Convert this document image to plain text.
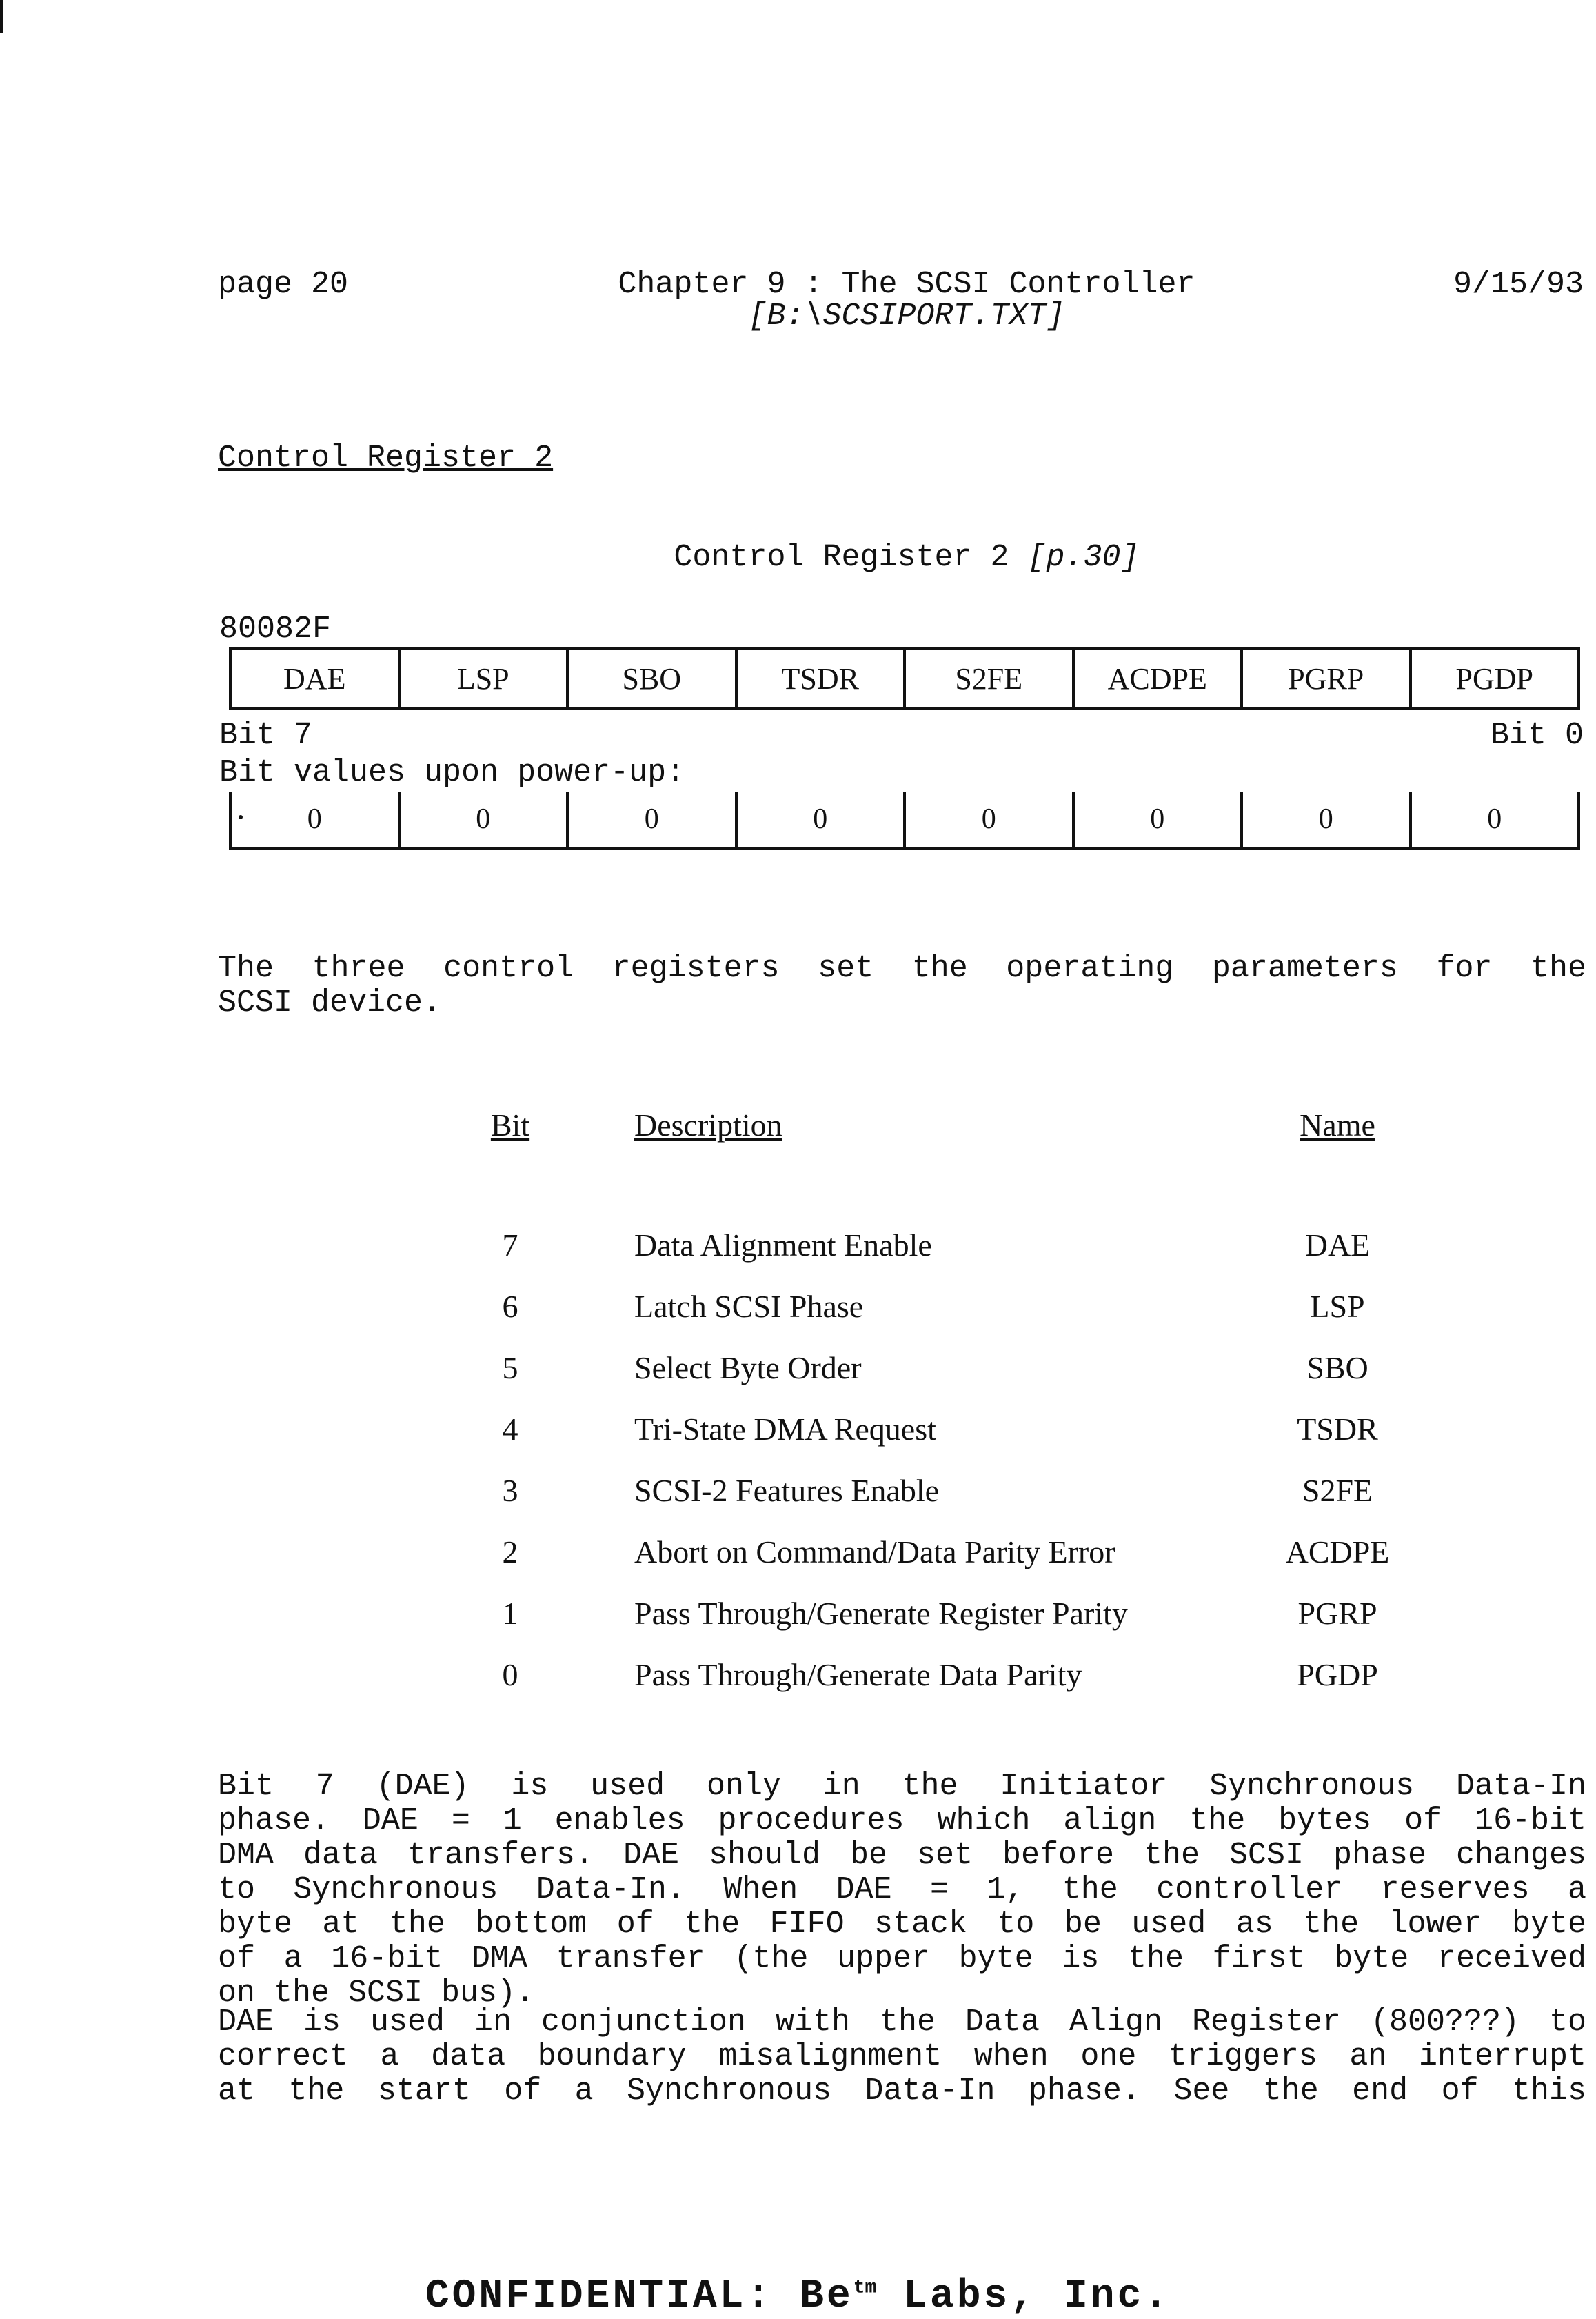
page 20	Chapter 9 : The SCSI Controller	9/15/93
[B:\SCSIPORT.TXT]
Control Register 2
Control Register 2 [p.30]
80082F
DAE	LSP	SBO	TSDR	S2FE	ACDPE	PGRP	PGDP
Bit 7	Bit 0
Bit values upon power-up:
0	0	0	0	0	0	0	0
The three control registers set the operating parameters for the
SCSI device.
Bit	Description	Name
7	Data Alignment Enable	DAE
6	Latch SCSI Phase	LSP
5	Select Byte Order	SBO
4	Tri-State DMA Request	TSDR
3	SCSI-2 Features Enable	S2FE
2	Abort on Command/Data Parity Error	ACDPE
1	Pass Through/Generate Register Parity	PGRP
0	Pass Through/Generate Data Parity	PGDP
Bit 7 (DAE) is used only in the Initiator Synchronous Data-In
phase. DAE = 1 enables procedures which align the bytes of 16-bit
DMA data transfers. DAE should be set before the SCSI phase changes
to Synchronous Data-In. When DAE = 1, the controller reserves a
byte at the bottom of the FIFO stack to be used as the lower byte
of a 16-bit DMA transfer (the upper byte is the first byte received
on the SCSI bus).
DAE is used in conjunction with the Data Align Register (800???) to
correct a data boundary misalignment when one triggers an interrupt
at the start of a Synchronous Data-In phase. See the end of this
CONFIDENTIAL: $Be^{tm}$ Labs, Inc.
